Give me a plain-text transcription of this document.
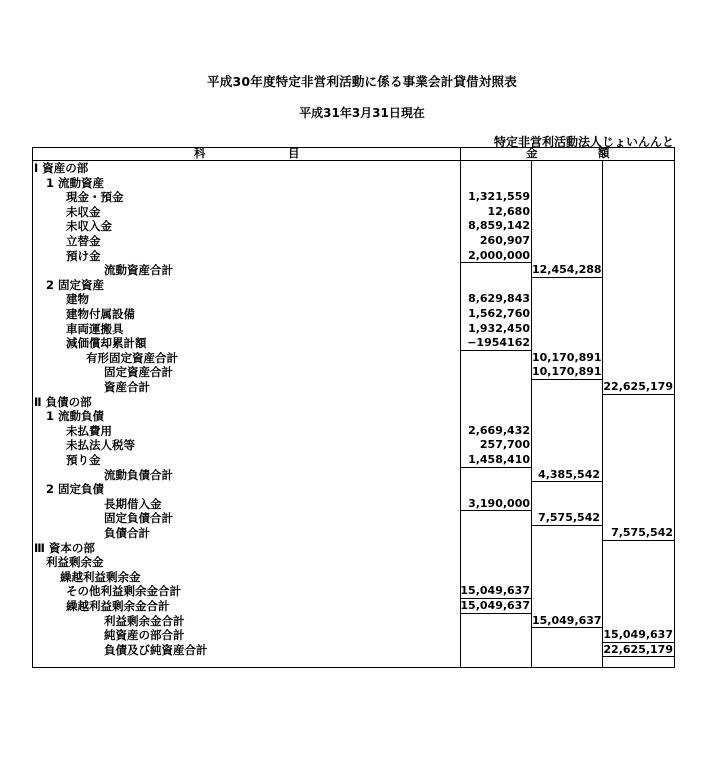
平成30年度特定非営利活動に係る事業会計貸借対照表
平成31年3月31日現在
特定非営利活動法人じょいんんと
科	目	金	額
Ⅰ 資産の部
1 流動資産
現金・預金	1,321,559
未収金	12,680
未収入金	8,859,142
立替金	260,907
預け金	2,000,000
流動資産合計	12,454,288
2 固定資産
建物	8,629,843
建物付属設備	1,562,760
車両運搬具	1,932,450
減価償却累計額	−1954162
有形固定資産合計	10,170,891
固定資産合計	10,170,891
資産合計	22,625,179
Ⅱ 負債の部
1 流動負債
未払費用	2,669,432
未払法人税等	257,700
預り金	1,458,410
流動負債合計	4,385,542
2 固定負債
長期借入金	3,190,000
固定負債合計	7,575,542
負債合計	7,575,542
Ⅲ 資本の部
利益剰余金
繰越利益剰余金
その他利益剰余金合計	15,049,637
繰越利益剰余金合計	15,049,637
利益剰余金合計	15,049,637
純資産の部合計	15,049,637
負債及び純資産合計	22,625,179
